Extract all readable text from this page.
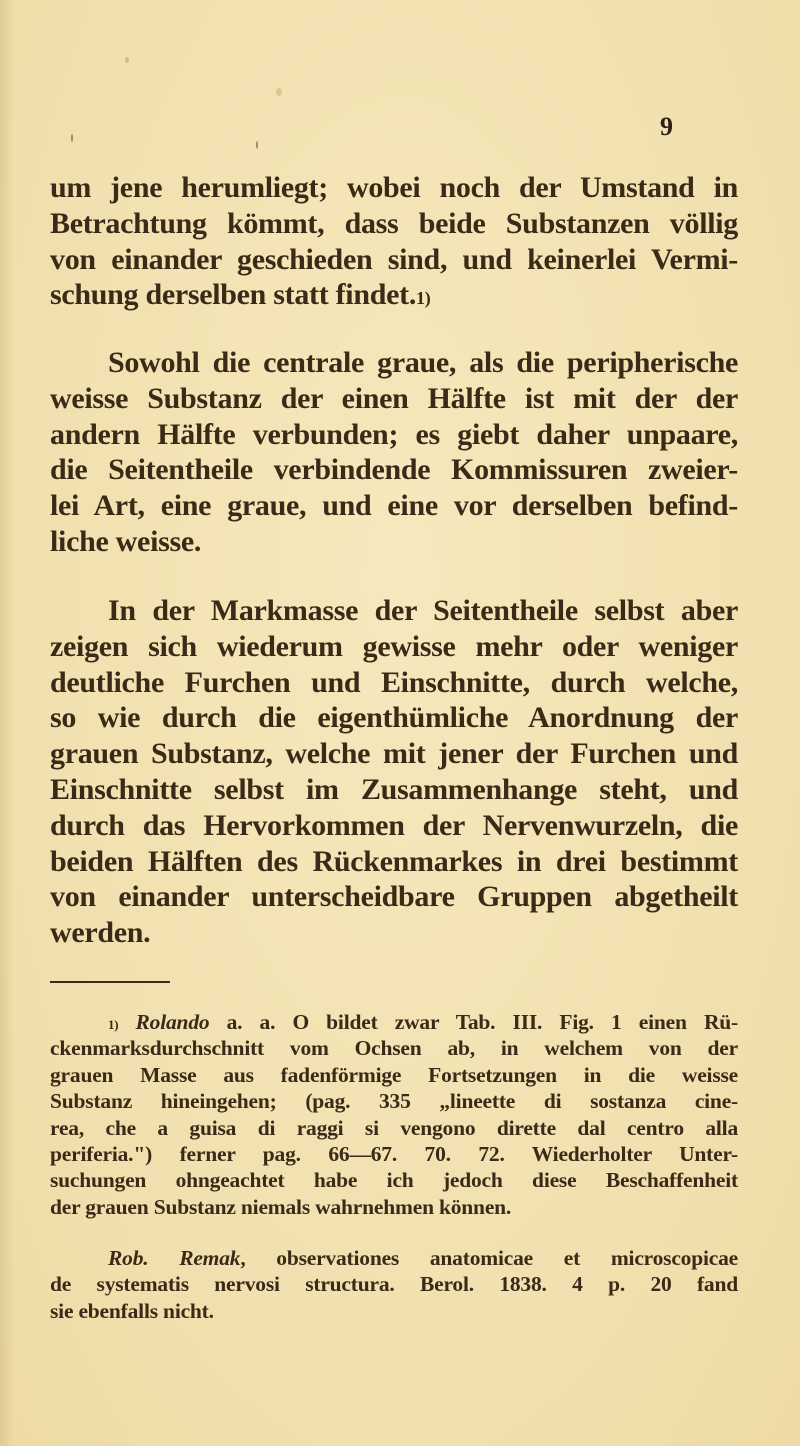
9
um jene herumliegt; wobei noch der Umstand in
Betrachtung kömmt, dass beide Substanzen völlig
von einander geschieden sind, und keinerlei Vermi-
schung derselben statt findet.$^{1)}$
Sowohl die centrale graue, als die peripherische
weisse Substanz der einen Hälfte ist mit der der
andern Hälfte verbunden; es giebt daher unpaare,
die Seitentheile verbindende Kommissuren zweier-
lei Art, eine graue, und eine vor derselben befind-
liche weisse.
In der Markmasse der Seitentheile selbst aber
zeigen sich wiederum gewisse mehr oder weniger
deutliche Furchen und Einschnitte, durch welche,
so wie durch die eigenthümliche Anordnung der
grauen Substanz, welche mit jener der Furchen und
Einschnitte selbst im Zusammenhange steht, und
durch das Hervorkommen der Nervenwurzeln, die
beiden Hälften des Rückenmarkes in drei bestimmt
von einander unterscheidbare Gruppen abgetheilt
werden.
$^{1)}$ Rolando a. a. O bildet zwar Tab. III. Fig. 1 einen Rü-
ckenmarksdurchschnitt vom Ochsen ab, in welchem von der
grauen Masse aus fadenförmige Fortsetzungen in die weisse
Substanz hineingehen; (pag. 335 „lineette di sostanza cine-
rea, che a guisa di raggi si vengono dirette dal centro alla
periferia.") ferner pag. 66—67. 70. 72. Wiederholter Unter-
suchungen ohngeachtet habe ich jedoch diese Beschaffenheit
der grauen Substanz niemals wahrnehmen können.
Rob. Remak, observationes anatomicae et microscopicae
de systematis nervosi structura. Berol. 1838. 4 p. 20 fand
sie ebenfalls nicht.
